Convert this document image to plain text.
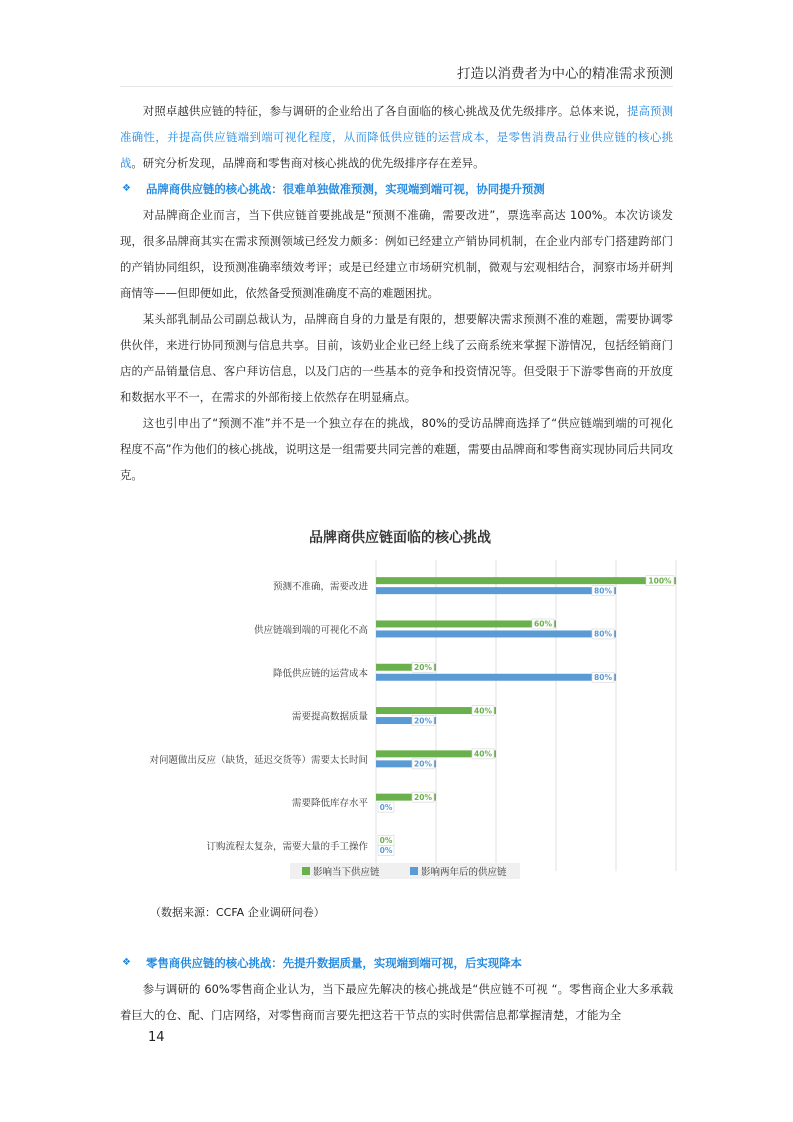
打造以消费者为中心的精准需求预测

对照卓越供应链的特征，参与调研的企业给出了各自面临的核心挑战及优先级排序。总体来说，提高预测准确性，并提高供应链端到端可视化程度，从而降低供应链的运营成本，是零售消费品行业供应链的核心挑战。研究分析发现，品牌商和零售商对核心挑战的优先级排序存在差异。

❖	品牌商供应链的核心挑战：很难单独做准预测，实现端到端可视，协同提升预测

对品牌商企业而言，当下供应链首要挑战是“预测不准确，需要改进”，票选率高达 100%。本次访谈发现，很多品牌商其实在需求预测领域已经发力颇多：例如已经建立产销协同机制，在企业内部专门搭建跨部门的产销协同组织，设预测准确率绩效考评；或是已经建立市场研究机制，微观与宏观相结合，洞察市场并研判商情等——但即便如此，依然备受预测准确度不高的难题困扰。

某头部乳制品公司副总裁认为，品牌商自身的力量是有限的，想要解决需求预测不准的难题，需要协调零供伙伴，来进行协同预测与信息共享。目前，该奶业企业已经上线了云商系统来掌握下游情况，包括经销商门店的产品销量信息、客户拜访信息，以及门店的一些基本的竞争和投资情况等。但受限于下游零售商的开放度和数据水平不一，在需求的外部衔接上依然存在明显痛点。

这也引申出了“预测不准”并不是一个独立存在的挑战，80%的受访品牌商选择了“供应链端到端的可视化程度不高”作为他们的核心挑战，说明这是一组需要共同完善的难题，需要由品牌商和零售商实现协同后共同攻克。

品牌商供应链面临的核心挑战
预测不准确，需要改进
100%
80%
供应链端到端的可视化不高
60%
80%
降低供应链的运营成本
20%
80%
需要提高数据质量
40%
20%
对问题做出反应（缺货，延迟交货等）需要太长时间
40%
20%
需要降低库存水平
20%
0%
订购流程太复杂，需要大量的手工操作
0%
0%
影响当下供应链	影响两年后的供应链
（数据来源：CCFA 企业调研问卷）
❖	零售商供应链的核心挑战：先提升数据质量，实现端到端可视，后实现降本

参与调研的 60%零售商企业认为，当下最应先解决的核心挑战是“供应链不可视 “。零售商企业大多承载着巨大的仓、配、门店网络，对零售商而言要先把这若干节点的实时供需信息都掌握清楚，才能为全

14
